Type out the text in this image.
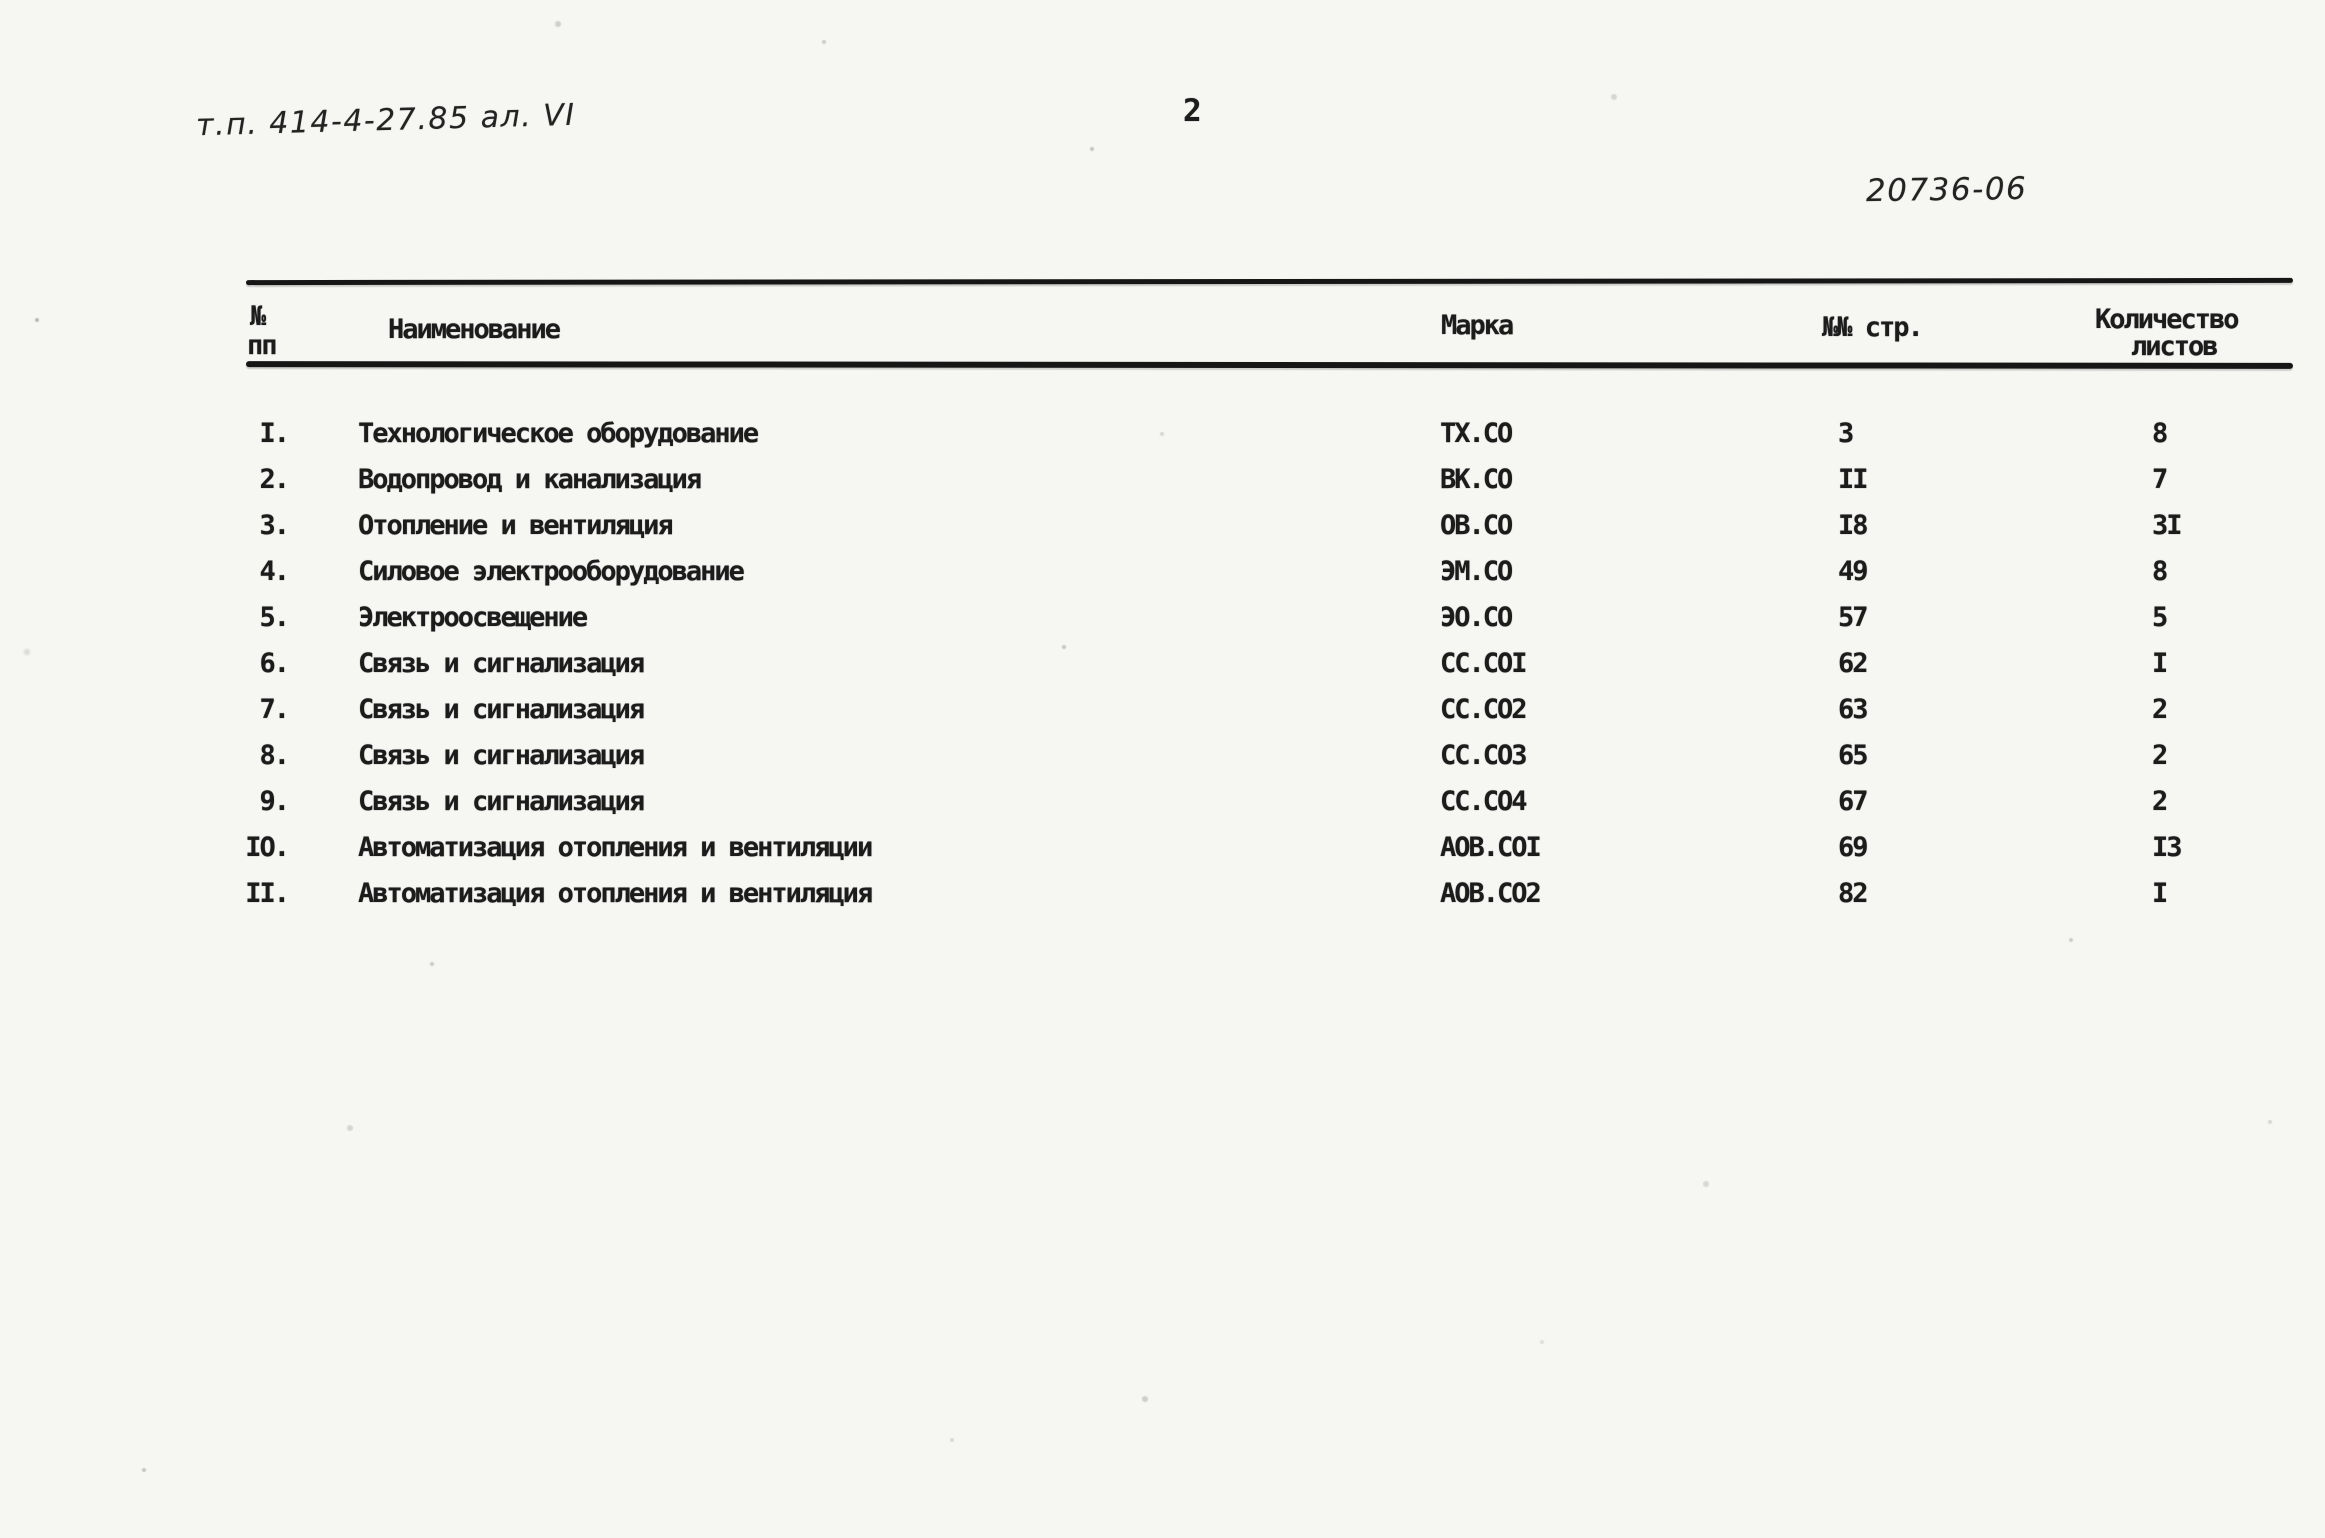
т.п. 414-4-27.85 ал. VI	2
20736-06
№
пп
Наименование	Марка	№№ стр.	Количество
листов
I.	Технологическое оборудование	ТХ.СО	3	8
2.	Водопровод и канализация	ВК.СО	II	7
3.	Отопление и вентиляция	ОВ.СО	I8	3I
4.	Силовое электрооборудование	ЭМ.СО	49	8
5.	Электроосвещение	ЭО.СО	57	5
6.	Связь и сигнализация	СС.СОI	62	I
7.	Связь и сигнализация	СС.СО2	63	2
8.	Связь и сигнализация	СС.СО3	65	2
9.	Связь и сигнализация	СС.СО4	67	2
IО.	Автоматизация отопления и вентиляции	АОВ.СОI	69	I3
II.	Автоматизация отопления и вентиляция	АОВ.СО2	82	I
